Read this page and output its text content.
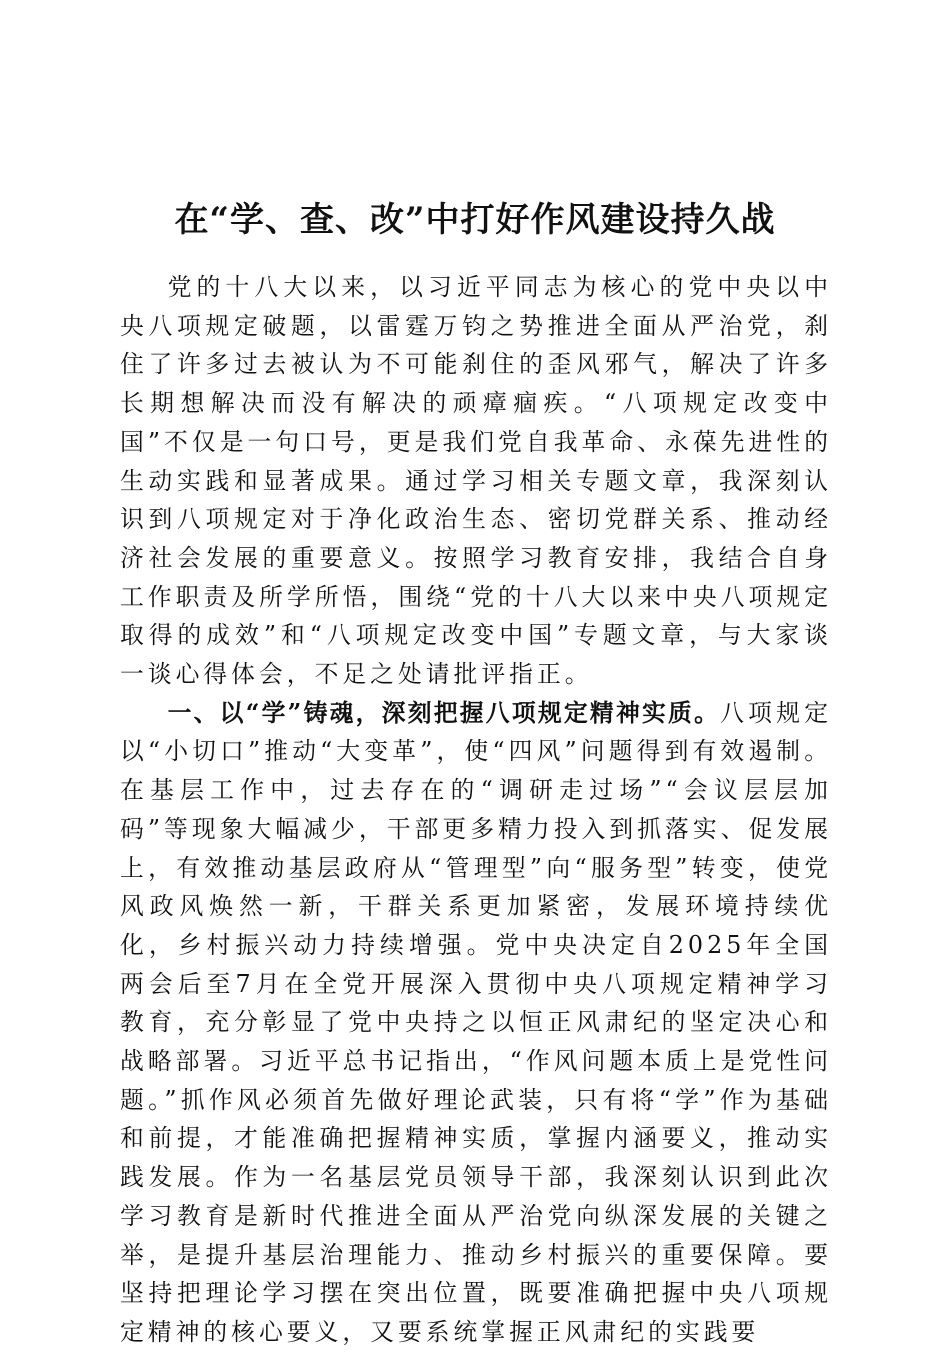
在“学、查、改”中打好作风建设持久战

党的十八大以来，以习近平同志为核心的党中央以中央八项规定破题，以雷霆万钧之势推进全面从严治党，刹住了许多过去被认为不可能刹住的歪风邪气，解决了许多长期想解决而没有解决的顽瘴痼疾。“八项规定改变中国”不仅是一句口号，更是我们党自我革命、永葆先进性的生动实践和显著成果。通过学习相关专题文章，我深刻认识到八项规定对于净化政治生态、密切党群关系、推动经济社会发展的重要意义。按照学习教育安排，我结合自身工作职责及所学所悟，围绕“党的十八大以来中央八项规定取得的成效”和“八项规定改变中国”专题文章，与大家谈一谈心得体会，不足之处请批评指正。

一、以“学”铸魂，深刻把握八项规定精神实质。八项规定以“小切口”推动“大变革”，使“四风”问题得到有效遏制。在基层工作中，过去存在的“调研走过场”“会议层层加码”等现象大幅减少，干部更多精力投入到抓落实、促发展上，有效推动基层政府从“管理型”向“服务型”转变，使党风政风焕然一新，干群关系更加紧密，发展环境持续优化，乡村振兴动力持续增强。党中央决定自2025年全国两会后至7月在全党开展深入贯彻中央八项规定精神学习教育，充分彰显了党中央持之以恒正风肃纪的坚定决心和战略部署。习近平总书记指出，“作风问题本质上是党性问题。”抓作风必须首先做好理论武装，只有将“学”作为基础和前提，才能准确把握精神实质，掌握内涵要义，推动实践发展。作为一名基层党员领导干部，我深刻认识到此次学习教育是新时代推进全面从严治党向纵深发展的关键之举，是提升基层治理能力、推动乡村振兴的重要保障。要坚持把理论学习摆在突出位置，既要准确把握中央八项规定精神的核心要义，又要系统掌握正风肃纪的实践要
